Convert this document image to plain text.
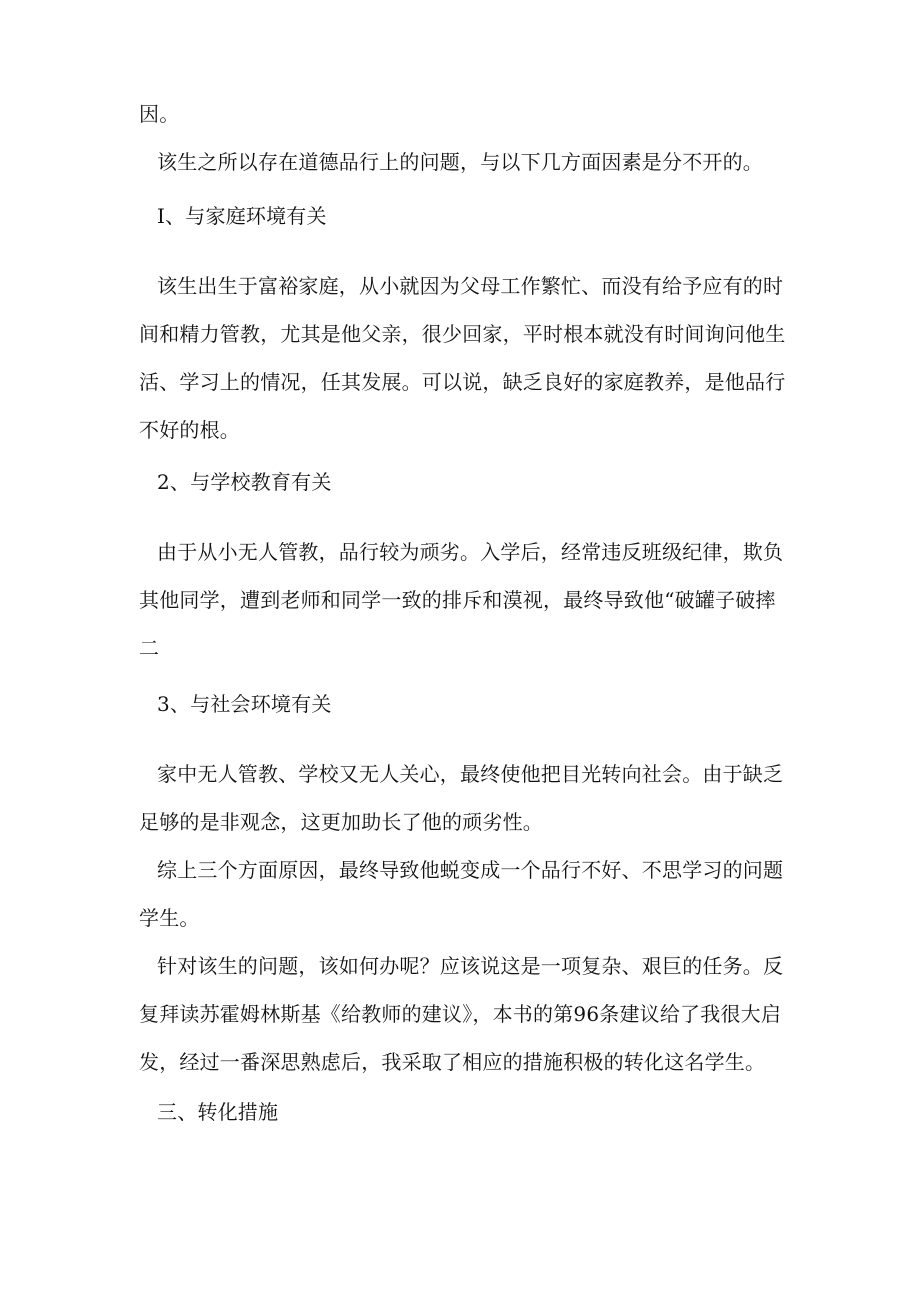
因。
该生之所以存在道德品行上的问题，与以下几方面因素是分不开的。
I、与家庭环境有关
该生出生于富裕家庭，从小就因为父母工作繁忙、而没有给予应有的时
间和精力管教，尤其是他父亲，很少回家，平时根本就没有时间询问他生
活、学习上的情况，任其发展。可以说，缺乏良好的家庭教养，是他品行
不好的根。
2、与学校教育有关
由于从小无人管教，品行较为顽劣。入学后，经常违反班级纪律，欺负
其他同学，遭到老师和同学一致的排斥和漠视，最终导致他“破罐子破摔
二
3、与社会环境有关
家中无人管教、学校又无人关心，最终使他把目光转向社会。由于缺乏
足够的是非观念，这更加助长了他的顽劣性。
综上三个方面原因，最终导致他蜕变成一个品行不好、不思学习的问题
学生。
针对该生的问题，该如何办呢？应该说这是一项复杂、艰巨的任务。反
复拜读苏霍姆林斯基《给教师的建议》，本书的第96条建议给了我很大启
发，经过一番深思熟虑后，我采取了相应的措施积极的转化这名学生。
三、转化措施
